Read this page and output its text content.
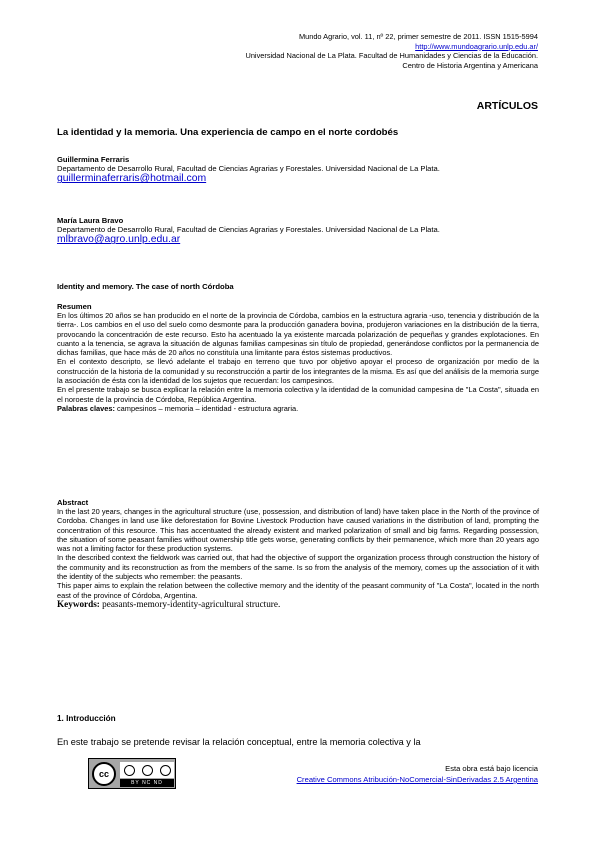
Mundo Agrario, vol. 11, nº 22, primer semestre de 2011. ISSN 1515-5994
http://www.mundoagrario.unlp.edu.ar/
Universidad Nacional de La Plata. Facultad de Humanidades y Ciencias de la Educación.
Centro de Historia Argentina y Americana
ARTÍCULOS
La identidad y la memoria. Una experiencia de campo en el norte cordobés
Guillermina Ferraris
Departamento de Desarrollo Rural, Facultad de Ciencias Agrarias y Forestales. Universidad Nacional de La Plata.
guillerminaferraris@hotmail.com
María Laura Bravo
Departamento de Desarrollo Rural, Facultad de Ciencias Agrarias y Forestales. Universidad Nacional de La Plata.
mlbravo@agro.unlp.edu.ar
Identity and memory. The case of north Córdoba
Resumen

En los últimos 20 años se han producido en el norte de la provincia de Córdoba, cambios en la estructura agraria -uso, tenencia y distribución de la tierra-. Los cambios en el uso del suelo como desmonte para la producción ganadera bovina, produjeron variaciones en la distribución de la tierra, provocando la concentración de este recurso. Esto ha acentuado la ya existente marcada polarización de pequeñas y grandes explotaciones. En cuanto a la tenencia, se agrava la situación de algunas familias campesinas sin título de propiedad, generándose conflictos por la permanencia de dichas familias, que hace más de 20 años no constituía una limitante para éstos sistemas productivos.

En el contexto descripto, se llevó adelante el trabajo en terreno que tuvo por objetivo apoyar el proceso de organización por medio de la construcción de la historia de la comunidad y su reconstrucción a partir de los integrantes de la misma. Es así que del análisis de la memoria surge la asociación de ésta con la identidad de los sujetos que recuerdan: los campesinos.

En el presente trabajo se busca explicar la relación entre la memoria colectiva y la identidad de la comunidad campesina de "La Costa", situada en el noroeste de la provincia de Córdoba, República Argentina.

Palabras claves: campesinos – memoria – identidad - estructura agraria.

Abstract

In the last 20 years, changes in the agricultural structure (use, possession, and distribution of land) have taken place in the North of the province of Cordoba. Changes in land use like deforestation for Bovine Livestock Production have caused variations in the distribution of land, prompting the concentration of this resource. This has accentuated the already existent and marked polarization of small and big farms. Regarding possession, the situation of some peasant families without ownership title gets worse, generating conflicts by their permanence, which more than 20 years ago was not a limiting factor for these production systems.

In the described context the fieldwork was carried out, that had the objective of support the organization process through construction the history of the community and its reconstruction as from the members of the same. Is so from the analysis of the memory, comes up the association of it with the identity of the subjects who remember: the peasants.

This paper aims to explain the relation between the collective memory and the identity of the peasant community of "La Costa", located in the north east of the province of Córdoba, Argentina.

Keywords: peasants-memory-identity-agricultural structure.

1. Introducción
En este trabajo se pretende revisar la relación conceptual, entre la memoria colectiva y la
cc
BY NC ND
Esta obra está bajo licencia
Creative Commons Atribución-NoComercial-SinDerivadas 2.5 Argentina
